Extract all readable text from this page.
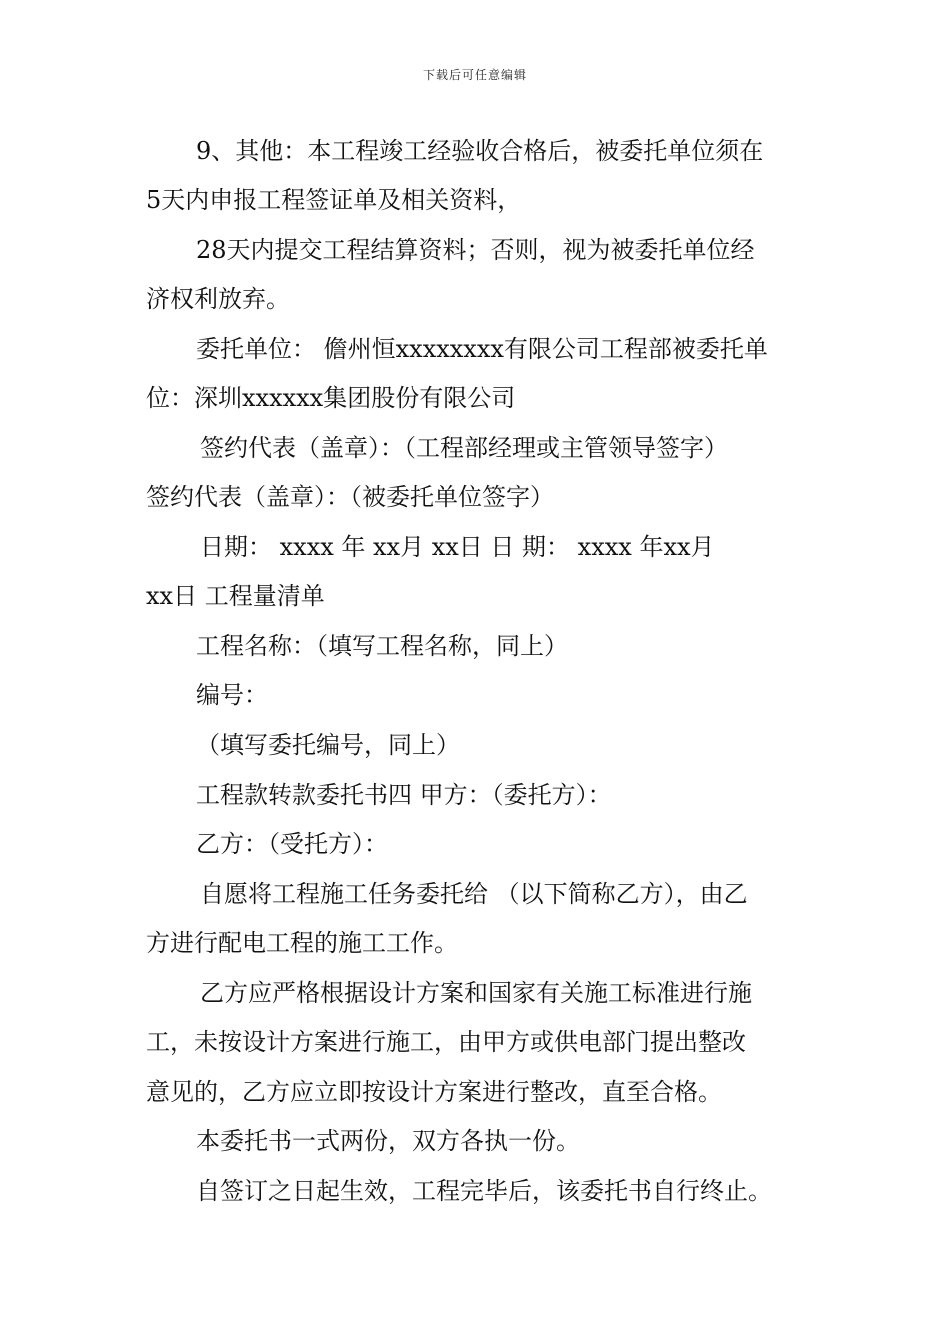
下载后可任意编辑
9、其他：本工程竣工经验收合格后，被委托单位须在
5天内申报工程签证单及相关资料，
28天内提交工程结算资料；否则，视为被委托单位经
济权利放弃。
委托单位： 儋州恒xxxxxxxx有限公司工程部被委托单
位：深圳xxxxxx集团股份有限公司
签约代表（盖章）：（工程部经理或主管领导签字）
签约代表（盖章）：（被委托单位签字）
日期： xxxx 年 xx月 xx日 日 期： xxxx 年xx月
xx日 工程量清单
工程名称：（填写工程名称，同上）
编号：
（填写委托编号，同上）
工程款转款委托书四 甲方：（委托方）：
乙方：（受托方）：
自愿将工程施工任务委托给 （以下简称乙方），由乙
方进行配电工程的施工工作。
乙方应严格根据设计方案和国家有关施工标准进行施
工，未按设计方案进行施工，由甲方或供电部门提出整改
意见的，乙方应立即按设计方案进行整改，直至合格。
本委托书一式两份，双方各执一份。
自签订之日起生效，工程完毕后，该委托书自行终止。
